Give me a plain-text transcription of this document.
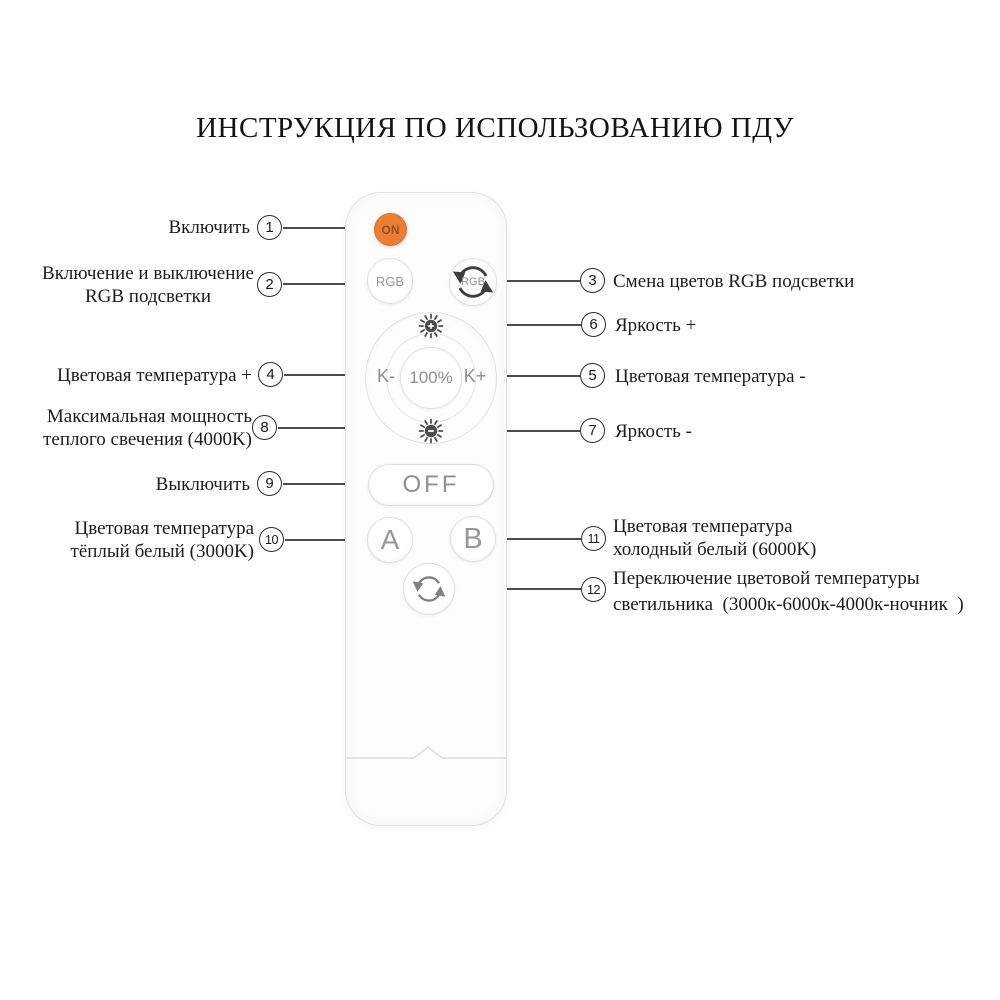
ИНСТРУКЦИЯ ПО ИСПОЛЬЗОВАНИЮ ПДУ
ON
RGB	RGB
100%
K-	K+
OFF
A	B
Включить	1
Включение и выключение
RGB подсветки
2
Цветовая температура + 4
Максимальная мощность
теплого свечения (4000K)
8
Выключить	9
Цветовая температура
тёплый белый (3000K)
10
3 Смена цветов RGB подсветки
6 Яркость +
5 Цветовая температура -
7 Яркость -
11
Цветовая температура
холодный белый (6000K)
12
Переключение цветовой температуры
светильника  (3000к-6000к-4000к-ночник  )
